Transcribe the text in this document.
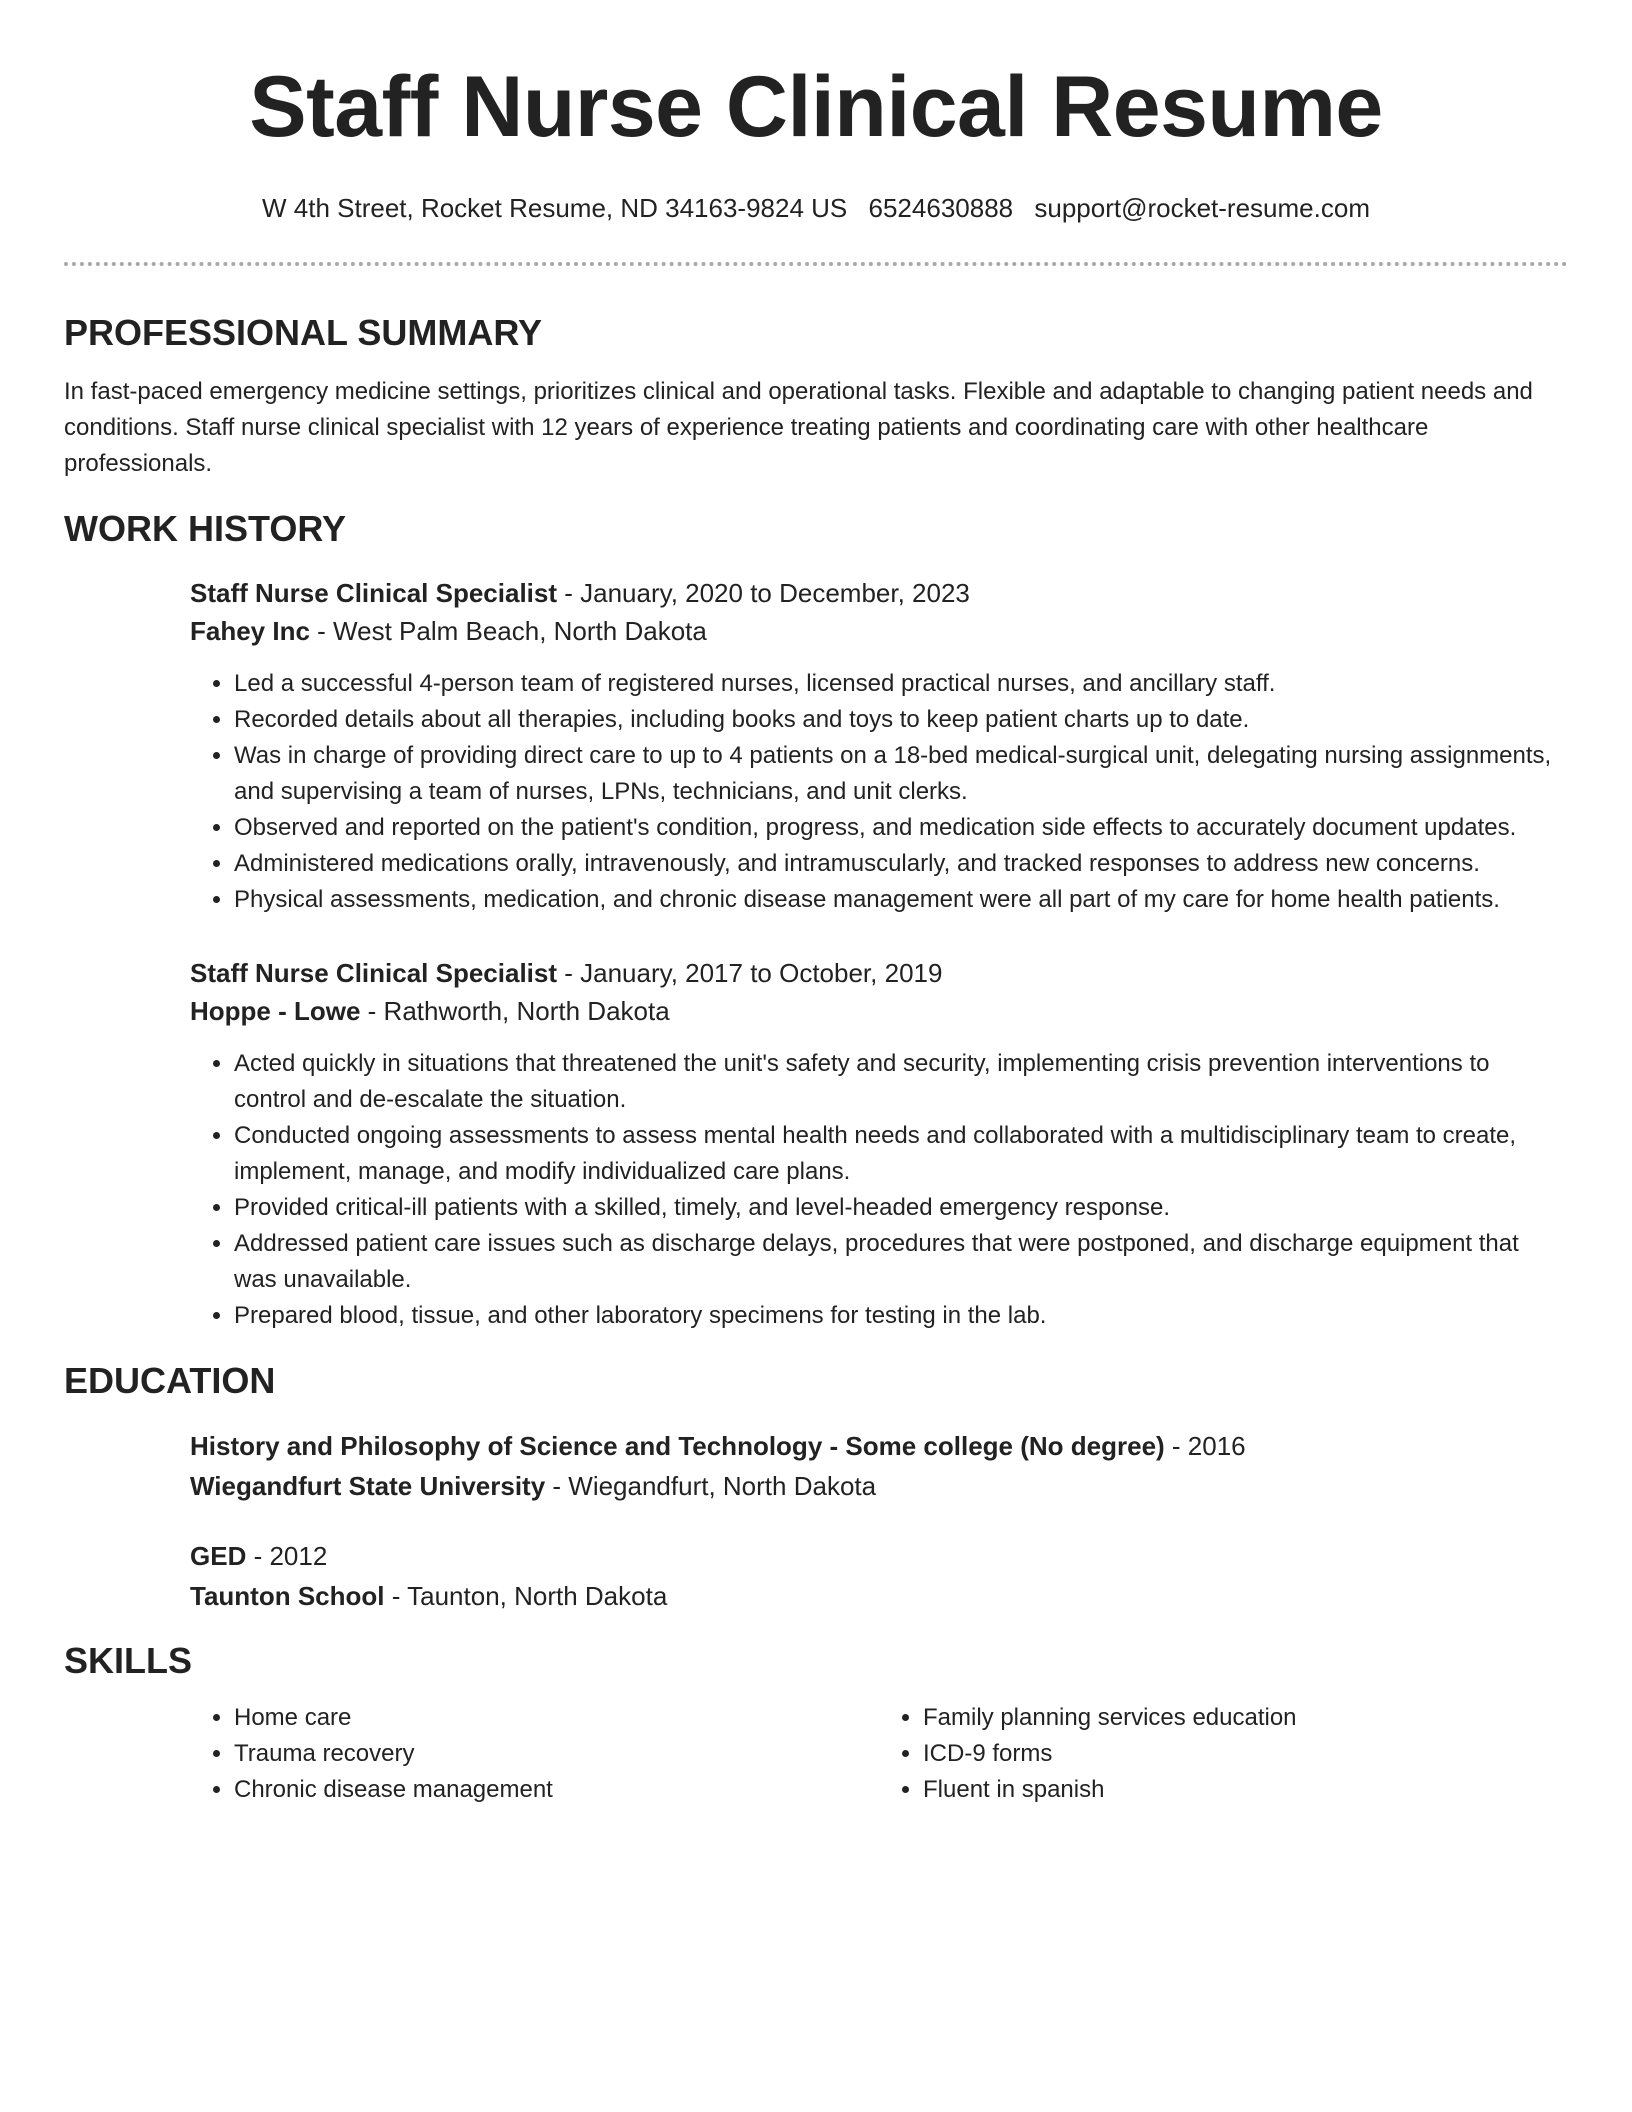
Staff Nurse Clinical Resume
W 4th Street, Rocket Resume, ND 34163-9824 US 6524630888 support@rocket-resume.com
PROFESSIONAL SUMMARY

In fast-paced emergency medicine settings, prioritizes clinical and operational tasks. Flexible and adaptable to changing patient needs and conditions. Staff nurse clinical specialist with 12 years of experience treating patients and coordinating care with other healthcare professionals.

WORK HISTORY

Staff Nurse Clinical Specialist - January, 2020 to December, 2023

Fahey Inc - West Palm Beach, North Dakota

• Led a successful 4-person team of registered nurses, licensed practical nurses, and ancillary staff.
• Recorded details about all therapies, including books and toys to keep patient charts up to date.
• Was in charge of providing direct care to up to 4 patients on a 18-bed medical-surgical unit, delegating nursing assignments, and supervising a team of nurses, LPNs, technicians, and unit clerks.
• Observed and reported on the patient's condition, progress, and medication side effects to accurately document updates.
• Administered medications orally, intravenously, and intramuscularly, and tracked responses to address new concerns.
• Physical assessments, medication, and chronic disease management were all part of my care for home health patients.

Staff Nurse Clinical Specialist - January, 2017 to October, 2019

Hoppe - Lowe - Rathworth, North Dakota

• Acted quickly in situations that threatened the unit's safety and security, implementing crisis prevention interventions to control and de-escalate the situation.
• Conducted ongoing assessments to assess mental health needs and collaborated with a multidisciplinary team to create, implement, manage, and modify individualized care plans.
• Provided critical-ill patients with a skilled, timely, and level-headed emergency response.
• Addressed patient care issues such as discharge delays, procedures that were postponed, and discharge equipment that was unavailable.
• Prepared blood, tissue, and other laboratory specimens for testing in the lab.
EDUCATION

History and Philosophy of Science and Technology - Some college (No degree) - 2016

Wiegandfurt State University - Wiegandfurt, North Dakota

GED - 2012

Taunton School - Taunton, North Dakota

SKILLS
• Home care
• Trauma recovery
• Chronic disease management
• Family planning services education
• ICD-9 forms
• Fluent in spanish
